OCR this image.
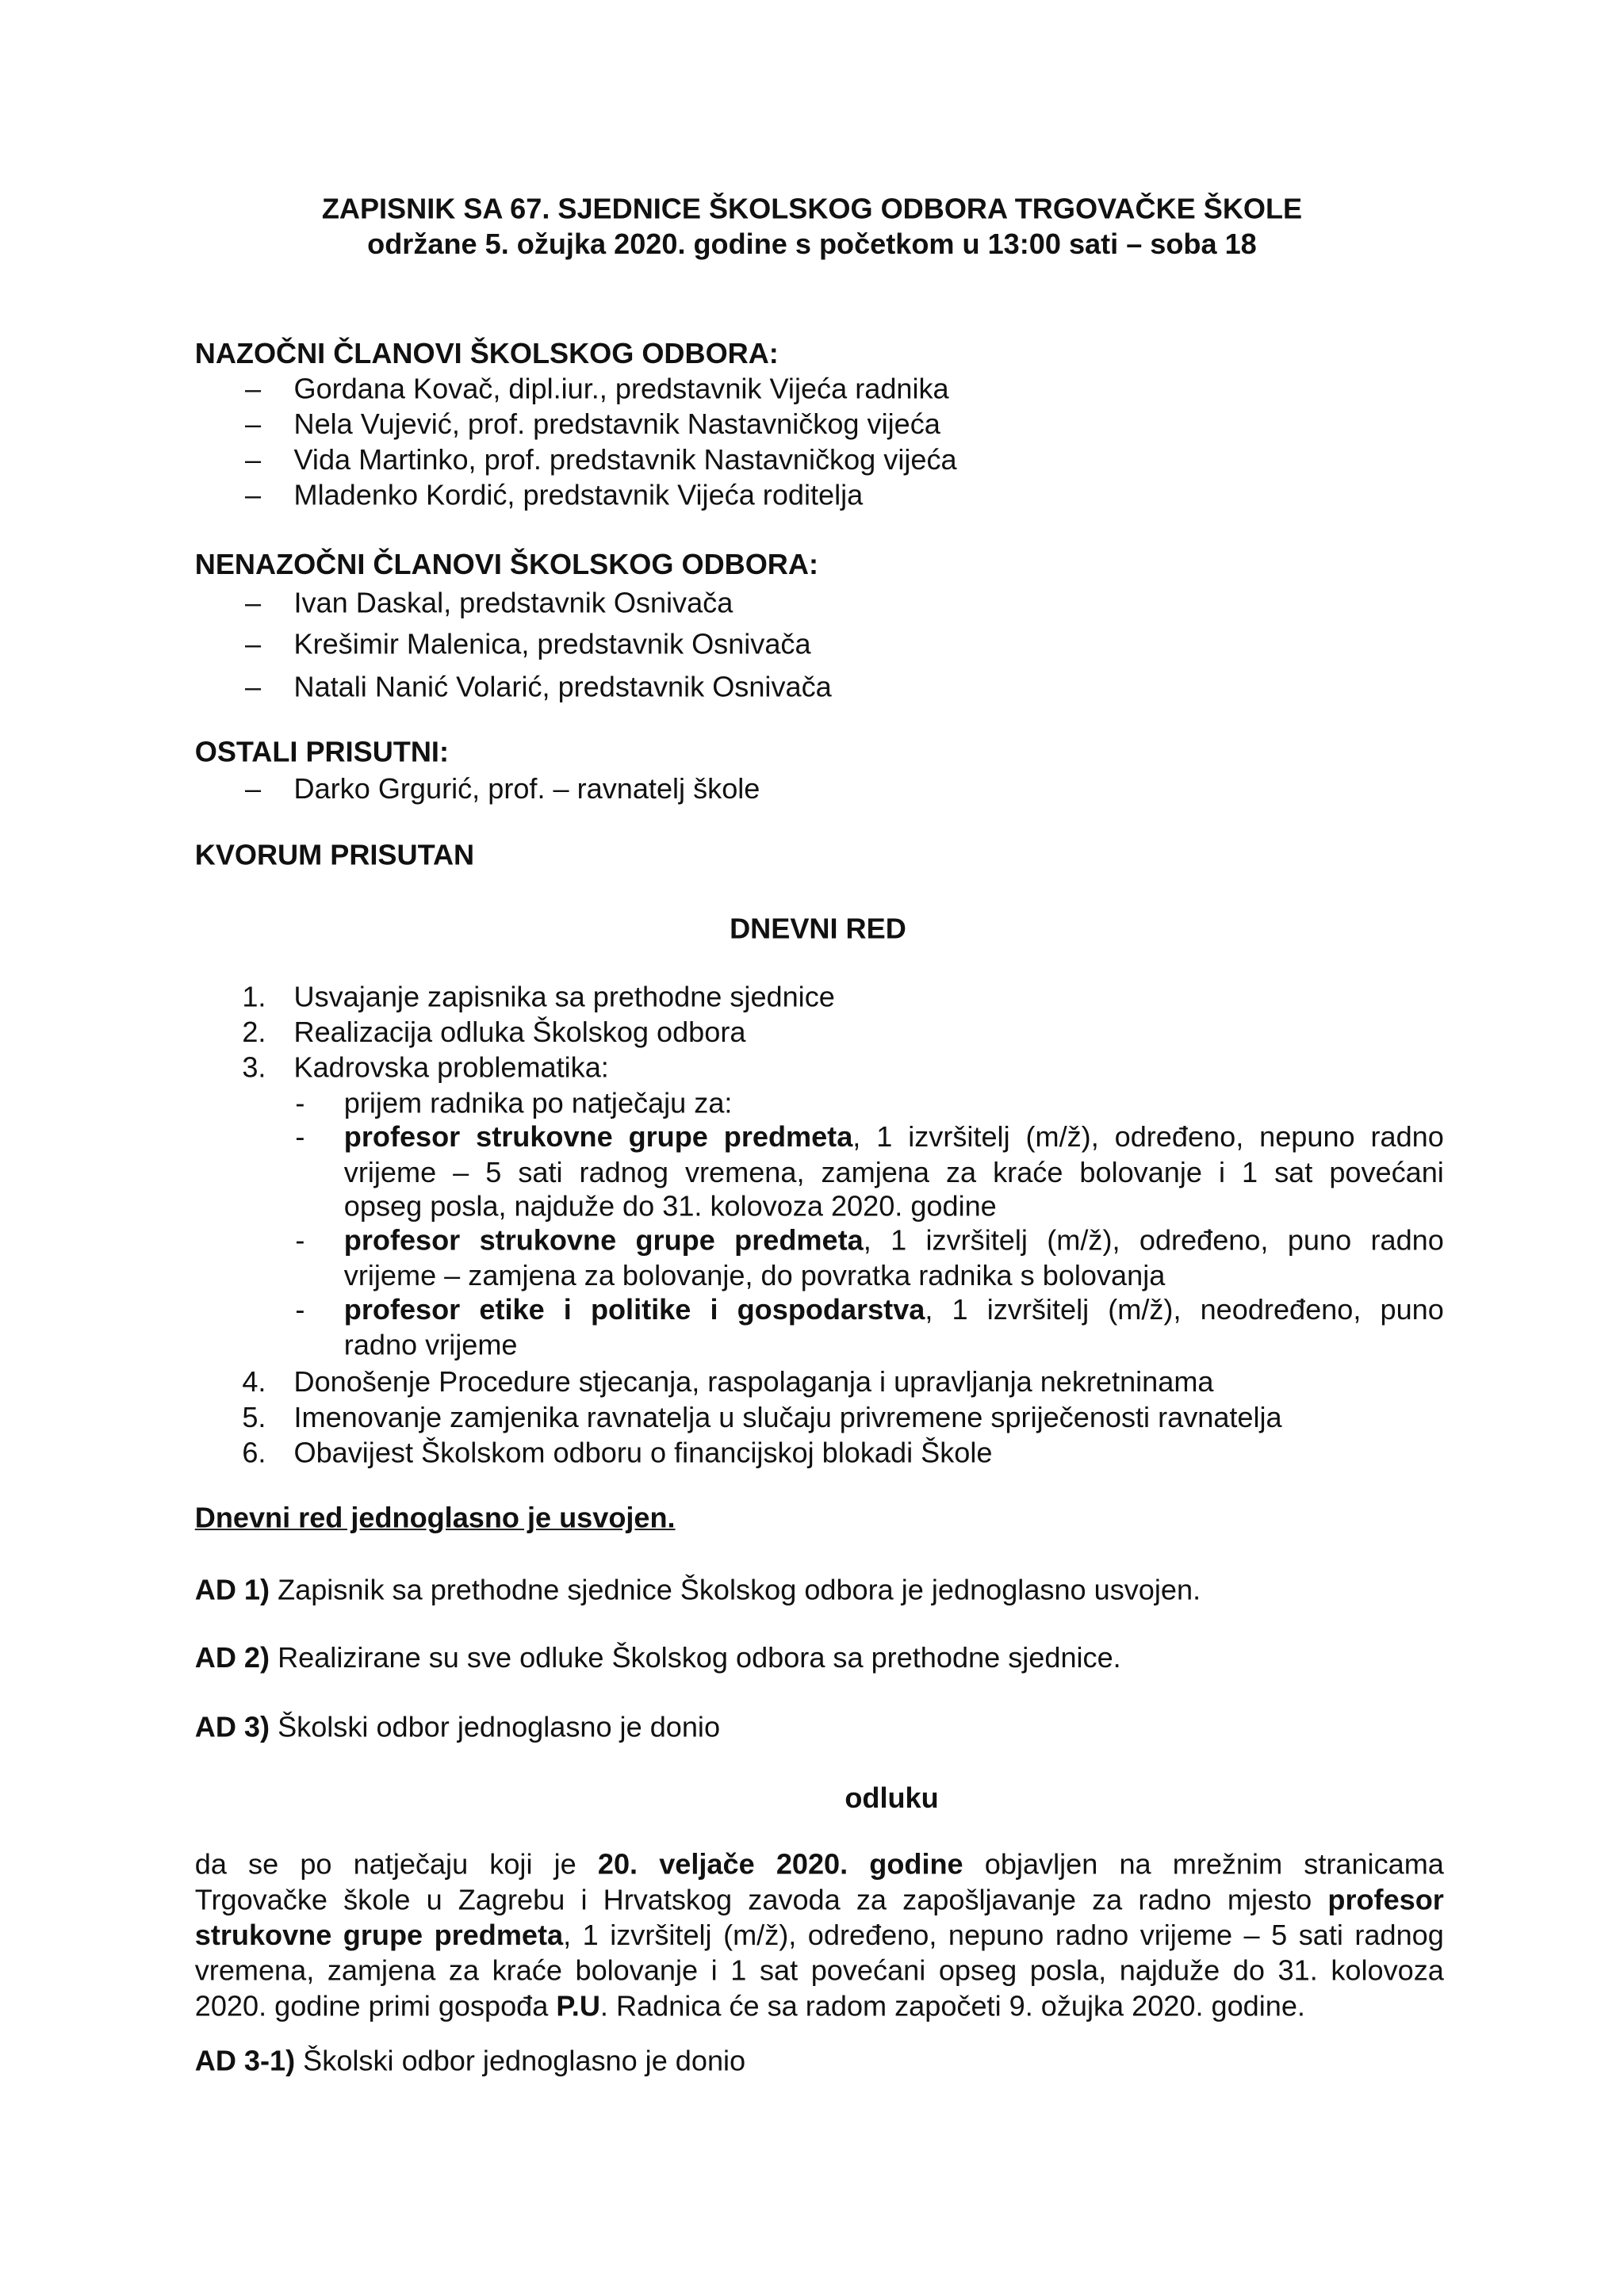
ZAPISNIK SA 67. SJEDNICE ŠKOLSKOG ODBORA TRGOVAČKE ŠKOLE
održane 5. ožujka 2020. godine s početkom u 13:00 sati – soba 18
NAZOČNI ČLANOVI ŠKOLSKOG ODBORA:
– Gordana Kovač, dipl.iur., predstavnik Vijeća radnika
– Nela Vujević, prof. predstavnik Nastavničkog vijeća
– Vida Martinko, prof. predstavnik Nastavničkog vijeća
– Mladenko Kordić, predstavnik Vijeća roditelja
NENAZOČNI ČLANOVI ŠKOLSKOG ODBORA:
– Ivan Daskal, predstavnik Osnivača
– Krešimir Malenica, predstavnik Osnivača
– Natali Nanić Volarić, predstavnik Osnivača
OSTALI PRISUTNI:
– Darko Grgurić, prof. – ravnatelj škole
KVORUM PRISUTAN
DNEVNI RED
1. Usvajanje zapisnika sa prethodne sjednice
2. Realizacija odluka Školskog odbora
3. Kadrovska problematika:
-	prijem radnika po natječaju za:
-	profesor strukovne grupe predmeta, 1 izvršitelj (m/ž), određeno, nepuno radno
vrijeme – 5 sati radnog vremena, zamjena za kraće bolovanje i 1 sat povećani
opseg posla, najduže do 31. kolovoza 2020. godine
-	profesor strukovne grupe predmeta, 1 izvršitelj (m/ž), određeno, puno radno
vrijeme – zamjena za bolovanje, do povratka radnika s bolovanja
-	profesor etike i politike i gospodarstva, 1 izvršitelj (m/ž), neodređeno, puno
radno vrijeme
4. Donošenje Procedure stjecanja, raspolaganja i upravljanja nekretninama
5. Imenovanje zamjenika ravnatelja u slučaju privremene spriječenosti ravnatelja
6. Obavijest Školskom odboru o financijskoj blokadi Škole
Dnevni red jednoglasno je usvojen.
AD 1) Zapisnik sa prethodne sjednice Školskog odbora je jednoglasno usvojen.
AD 2) Realizirane su sve odluke Školskog odbora sa prethodne sjednice.
AD 3) Školski odbor jednoglasno je donio
odluku
da se po natječaju koji je 20. veljače 2020. godine objavljen na mrežnim stranicama
Trgovačke škole u Zagrebu i Hrvatskog zavoda za zapošljavanje za radno mjesto profesor
strukovne grupe predmeta, 1 izvršitelj (m/ž), određeno, nepuno radno vrijeme – 5 sati radnog
vremena, zamjena za kraće bolovanje i 1 sat povećani opseg posla, najduže do 31. kolovoza
2020. godine primi gospođa P.U. Radnica će sa radom započeti 9. ožujka 2020. godine.
AD 3-1) Školski odbor jednoglasno je donio
